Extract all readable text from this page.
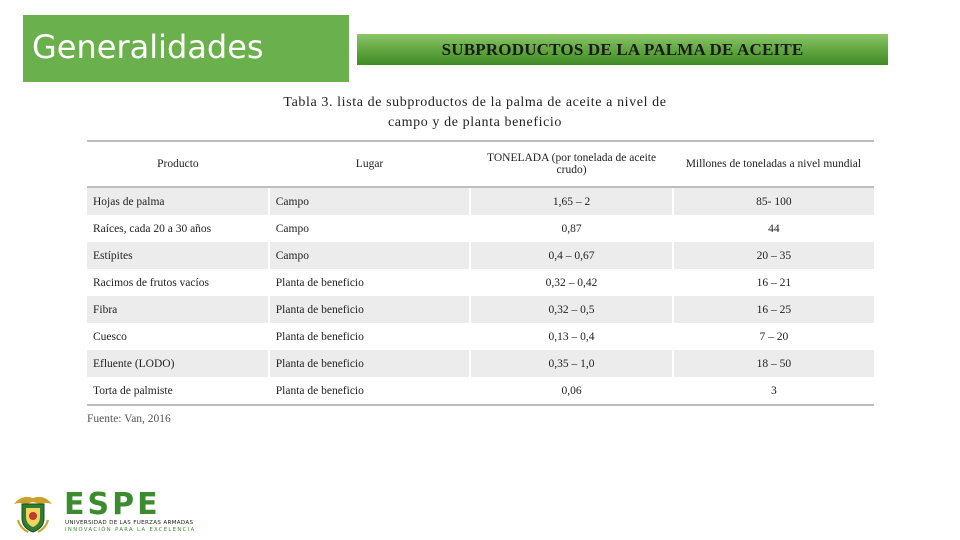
Generalidades	SUBPRODUCTOS DE LA PALMA DE ACEITE
Tabla 3. lista de subproductos de la palma de aceite a nivel de
campo y de planta beneficio
Producto	Lugar	TONELADA (por tonelada de aceite crudo)	Millones de toneladas a nivel mundial
Hojas de palma	Campo	1,65 – 2	85- 100
Raíces, cada 20 a 30 años	Campo	0,87	44
Estípites	Campo	0,4 – 0,67	20 – 35
Racimos de frutos vacíos	Planta de beneficio	0,32 – 0,42	16 – 21
Fibra	Planta de beneficio	0,32 – 0,5	16 – 25
Cuesco	Planta de beneficio	0,13 – 0,4	7 – 20
Efluente (LODO)	Planta de beneficio	0,35 – 1,0	18 – 50
Torta de palmiste	Planta de beneficio	0,06	3
Fuente: Van, 2016
ESPE
UNIVERSIDAD DE LAS FUERZAS ARMADAS
INNOVACIÓN PARA LA EXCELENCIA
